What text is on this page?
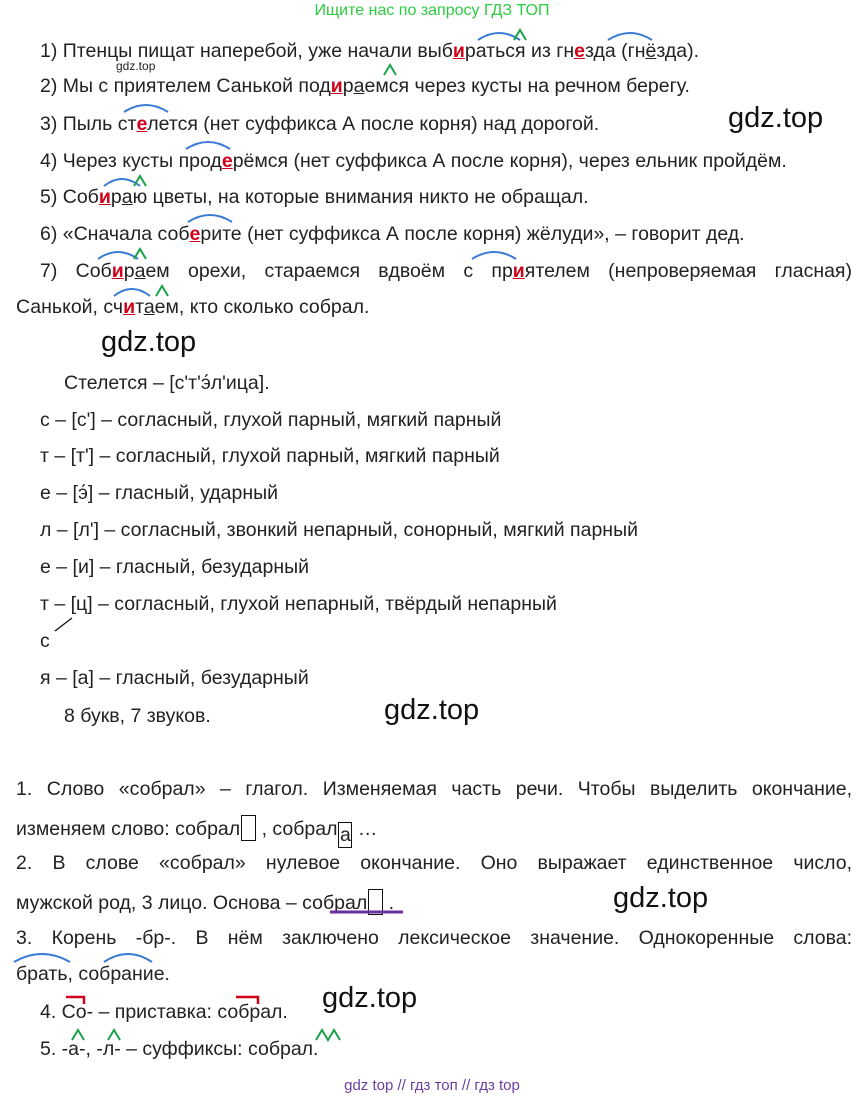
Ищите нас по запросу ГДЗ ТОП
1) Птенцы пищат наперебой, уже начали выбираться из гнезда (гнёзда).
gdz.top
2) Мы с приятелем Санькой подираемся через кусты на речном берегу.
3) Пыль стелется (нет суффикса А после корня) над дорогой.
4) Через кусты продерёмся (нет суффикса А после корня), через ельник пройдём.
5) Собираю цветы, на которые внимания никто не обращал.
6) «Сначала соберите (нет суффикса А после корня) жёлуди», – говорит дед.
7) Собираем орехи, стараемся вдвоём с приятелем (непроверяемая гласная)
Санькой, считаем, кто сколько собрал.
gdz.top
gdz.top
gdz.top
gdz.top
gdz.top
Стелется – [с'т'э́л'ица].
с – [с'] – согласный, глухой парный, мягкий парный
т – [т'] – согласный, глухой парный, мягкий парный
е – [э́] – гласный, ударный
л – [л'] – согласный, звонкий непарный, сонорный, мягкий парный
е – [и] – гласный, безударный
т – [ц] – согласный, глухой непарный, твёрдый непарный
с
я – [а] – гласный, безударный
8 букв, 7 звуков.
1. Слово «собрал» – глагол. Изменяемая часть речи. Чтобы выделить окончание,
изменяем слово: собрал , собрал а …
2. В слове «собрал» нулевое окончание. Оно выражает единственное число,
мужской род, 3 лицо. Основа – собрал .
3. Корень -бр-. В нём заключено лексическое значение. Однокоренные слова:
брать, собрание.
4. Со- – приставка: собрал.
5. -а-, -л- – суффиксы: собрал.
gdz top // гдз топ // гдз top
